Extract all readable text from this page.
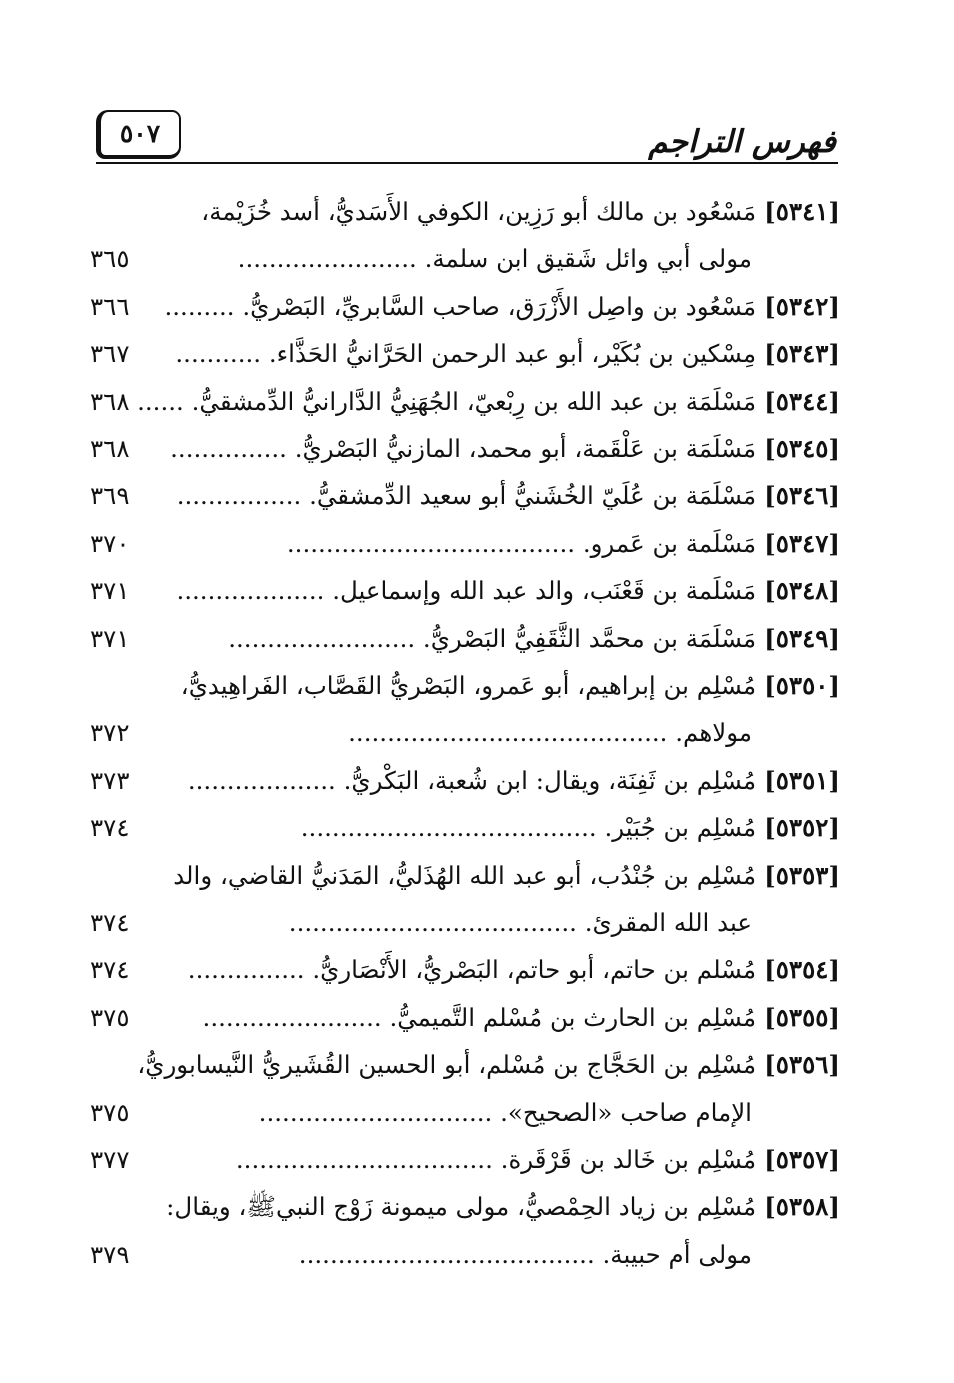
فهرس التراجم
٥٠٧
[٥٣٤١]مَسْعُود بن مالك أبو رَزِين، الكوفي الأَسَديُّ، أسد خُزَيْمة،
مولى أبي وائل شَقيق ابن سلمة. .......................
٣٦٥
[٥٣٤٢]مَسْعُود بن واصِل الأَزْرَق، صاحب السَّابريِّ، البَصْريُّ. .........
٣٦٦
[٥٣٤٣]مِسْكين بن بُكَيْر، أبو عبد الرحمن الحَرَّانيُّ الحَذَّاء. ...........
٣٦٧
[٥٣٤٤]مَسْلَمَة بن عبد الله بن رِبْعيّ، الجُهَنِيُّ الدَّارانيُّ الدِّمشقيُّ. ......
٣٦٨
[٥٣٤٥]مَسْلَمَة بن عَلْقَمة، أبو محمد، المازنيُّ البَصْريُّ. ...............
٣٦٨
[٥٣٤٦]مَسْلَمَة بن عُلَيّ الخُشَنيُّ أبو سعيد الدِّمشقيُّ. ................
٣٦٩
[٥٣٤٧]مَسْلَمة بن عَمرو. .....................................
٣٧٠
[٥٣٤٨]مَسْلَمة بن قَعْنَب، والد عبد الله وإسماعيل. ...................
٣٧١
[٥٣٤٩]مَسْلَمَة بن محمَّد الثَّقَفِيُّ البَصْريُّ. ........................
٣٧١
[٥٣٥٠]مُسْلِم بن إبراهيم، أبو عَمرو، البَصْريُّ القَصَّاب، الفَراهِيديُّ،
مولاهم. .........................................
٣٧٢
[٥٣٥١]مُسْلِم بن ثَفِنَة، ويقال: ابن شُعبة، البَكْريُّ. ...................
٣٧٣
[٥٣٥٢]مُسْلِم بن جُبَيْر. ......................................
٣٧٤
[٥٣٥٣]مُسْلِم بن جُنْدُب، أبو عبد الله الهُذَليُّ، المَدَنيُّ القاضي، والد
عبد الله المقرئ. .....................................
٣٧٤
[٥٣٥٤]مُسْلم بن حاتم، أبو حاتم، البَصْريُّ، الأَنْصَاريُّ. ...............
٣٧٤
[٥٣٥٥]مُسْلِم بن الحارث بن مُسْلم التَّميميُّ. .......................
٣٧٥
[٥٣٥٦]مُسْلِم بن الحَجَّاج بن مُسْلم، أبو الحسين القُشَيريُّ النَّيسابوريُّ،
الإمام صاحب «الصحيح». ..............................
٣٧٥
[٥٣٥٧]مُسْلِم بن خَالد بن قَرْقَرة. .................................
٣٧٧
[٥٣٥٨]مُسْلِم بن زياد الحِمْصيُّ، مولى ميمونة زَوْج النبيﷺ، ويقال:
مولى أم حبيبة. ......................................
٣٧٩
